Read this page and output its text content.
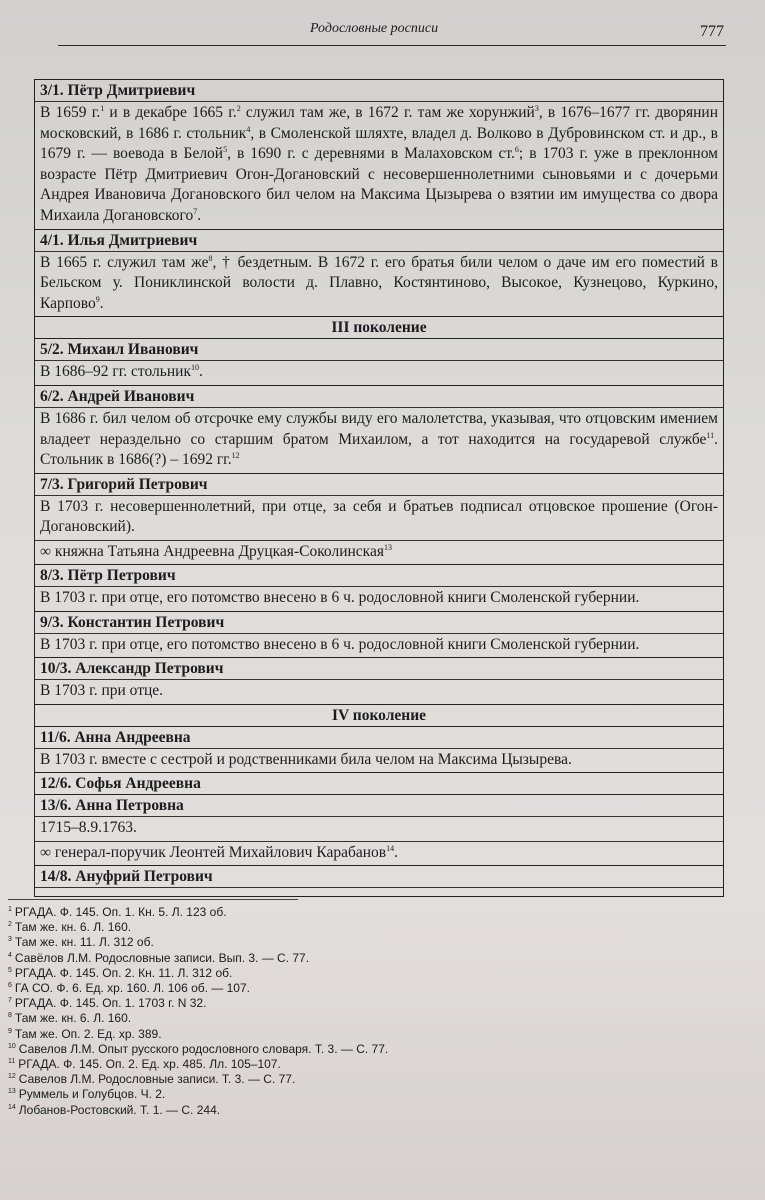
Родословные росписи	777
3/1. Пётр Дмитриевич
В 1659 г.$^1$ и в декабре 1665 г.$^2$ служил там же, в 1672 г. там же хорунжий$^3$, в 1676–1677 гг. дворянин московский, в 1686 г. стольник$^4$, в Смоленской шляхте, владел д. Волково в Дубровинском ст. и др., в 1679 г. — воевода в Белой$^5$, в 1690 г. с деревнями в Малаховском ст.$^6$; в 1703 г. уже в преклонном возрасте Пётр Дмитриевич Огон-Догановский с несовершеннолетними сыновьями и с дочерьми Андрея Ивановича Догановского бил челом на Максима Цызырева о взятии им имущества со двора Михаила Догановского$^7$.
4/1. Илья Дмитриевич
В 1665 г. служил там $же^8$, † бездетным. В 1672 г. его братья били челом о даче им его поместий в Бельском у. Пониклинской волости д. Плавно, Костянтиново, Высокое, Кузнецово, Куркино, Карпово$^9$.
III поколение
5/2. Михаил Иванович
В 1686–92 гг. стольник$^{10}$.
6/2. Андрей Иванович
В 1686 г. бил челом об отсрочке ему службы виду его малолетства, указывая, что отцовским имением владеет нераздельно со старшим братом Михаилом, а тот находится на государевой службе$^{11}$. Стольник в 1686(?) – 1692 гг.$^{12}$
7/3. Григорий Петрович
В 1703 г. несовершеннолетний, при отце, за себя и братьев подписал отцовское прошение (Огон-Догановский).
∞ княжна Татьяна Андреевна Друцкая-Соколинская$^{13}$
8/3. Пётр Петрович
В 1703 г. при отце, его потомство внесено в 6 ч. родословной книги Смоленской губернии.
9/3. Константин Петрович
В 1703 г. при отце, его потомство внесено в 6 ч. родословной книги Смоленской губернии.
10/3. Александр Петрович
В 1703 г. при отце.
IV поколение
11/6. Анна Андреевна
В 1703 г. вместе с сестрой и родственниками била челом на Максима Цызырева.
12/6. Софья Андреевна
13/6. Анна Петровна
1715–8.9.1763.
∞ генерал-поручик Леонтей Михайлович Карабанов$^{14}$.
14/8. Ануфрий Петрович
$^1$ РГАДА. Ф. 145. Оп. 1. Кн. 5. Л. 123 об.
$^2$ Там же. кн. 6. Л. 160.
$^3$ Там же. кн. 11. Л. 312 об.
$^4$ Савёлов Л.М. Родословные записи. Вып. 3. — С. 77.
$^5$ РГАДА. Ф. 145. Оп. 2. Кн. 11. Л. 312 об.
$^6$ ГА СО. Ф. 6. Ед. хр. 160. Л. 106 об. — 107.
$^7$ РГАДА. Ф. 145. Оп. 1. 1703 г. N 32.
$^8$ Там же. кн. 6. Л. 160.
$^9$ Там же. Оп. 2. Ед. хр. 389.
$^{10}$ Савелов Л.М. Опыт русского родословного словаря. Т. 3. — С. 77.
$^{11}$ РГАДА. Ф. 145. Оп. 2. Ед. хр. 485. Лл. 105–107.
$^{12}$ Савелов Л.М. Родословные записи. Т. 3. — С. 77.
$^{13}$ Руммель и Голубцов. Ч. 2.
$^{14}$ Лобанов-Ростовский. Т. 1. — С. 244.
